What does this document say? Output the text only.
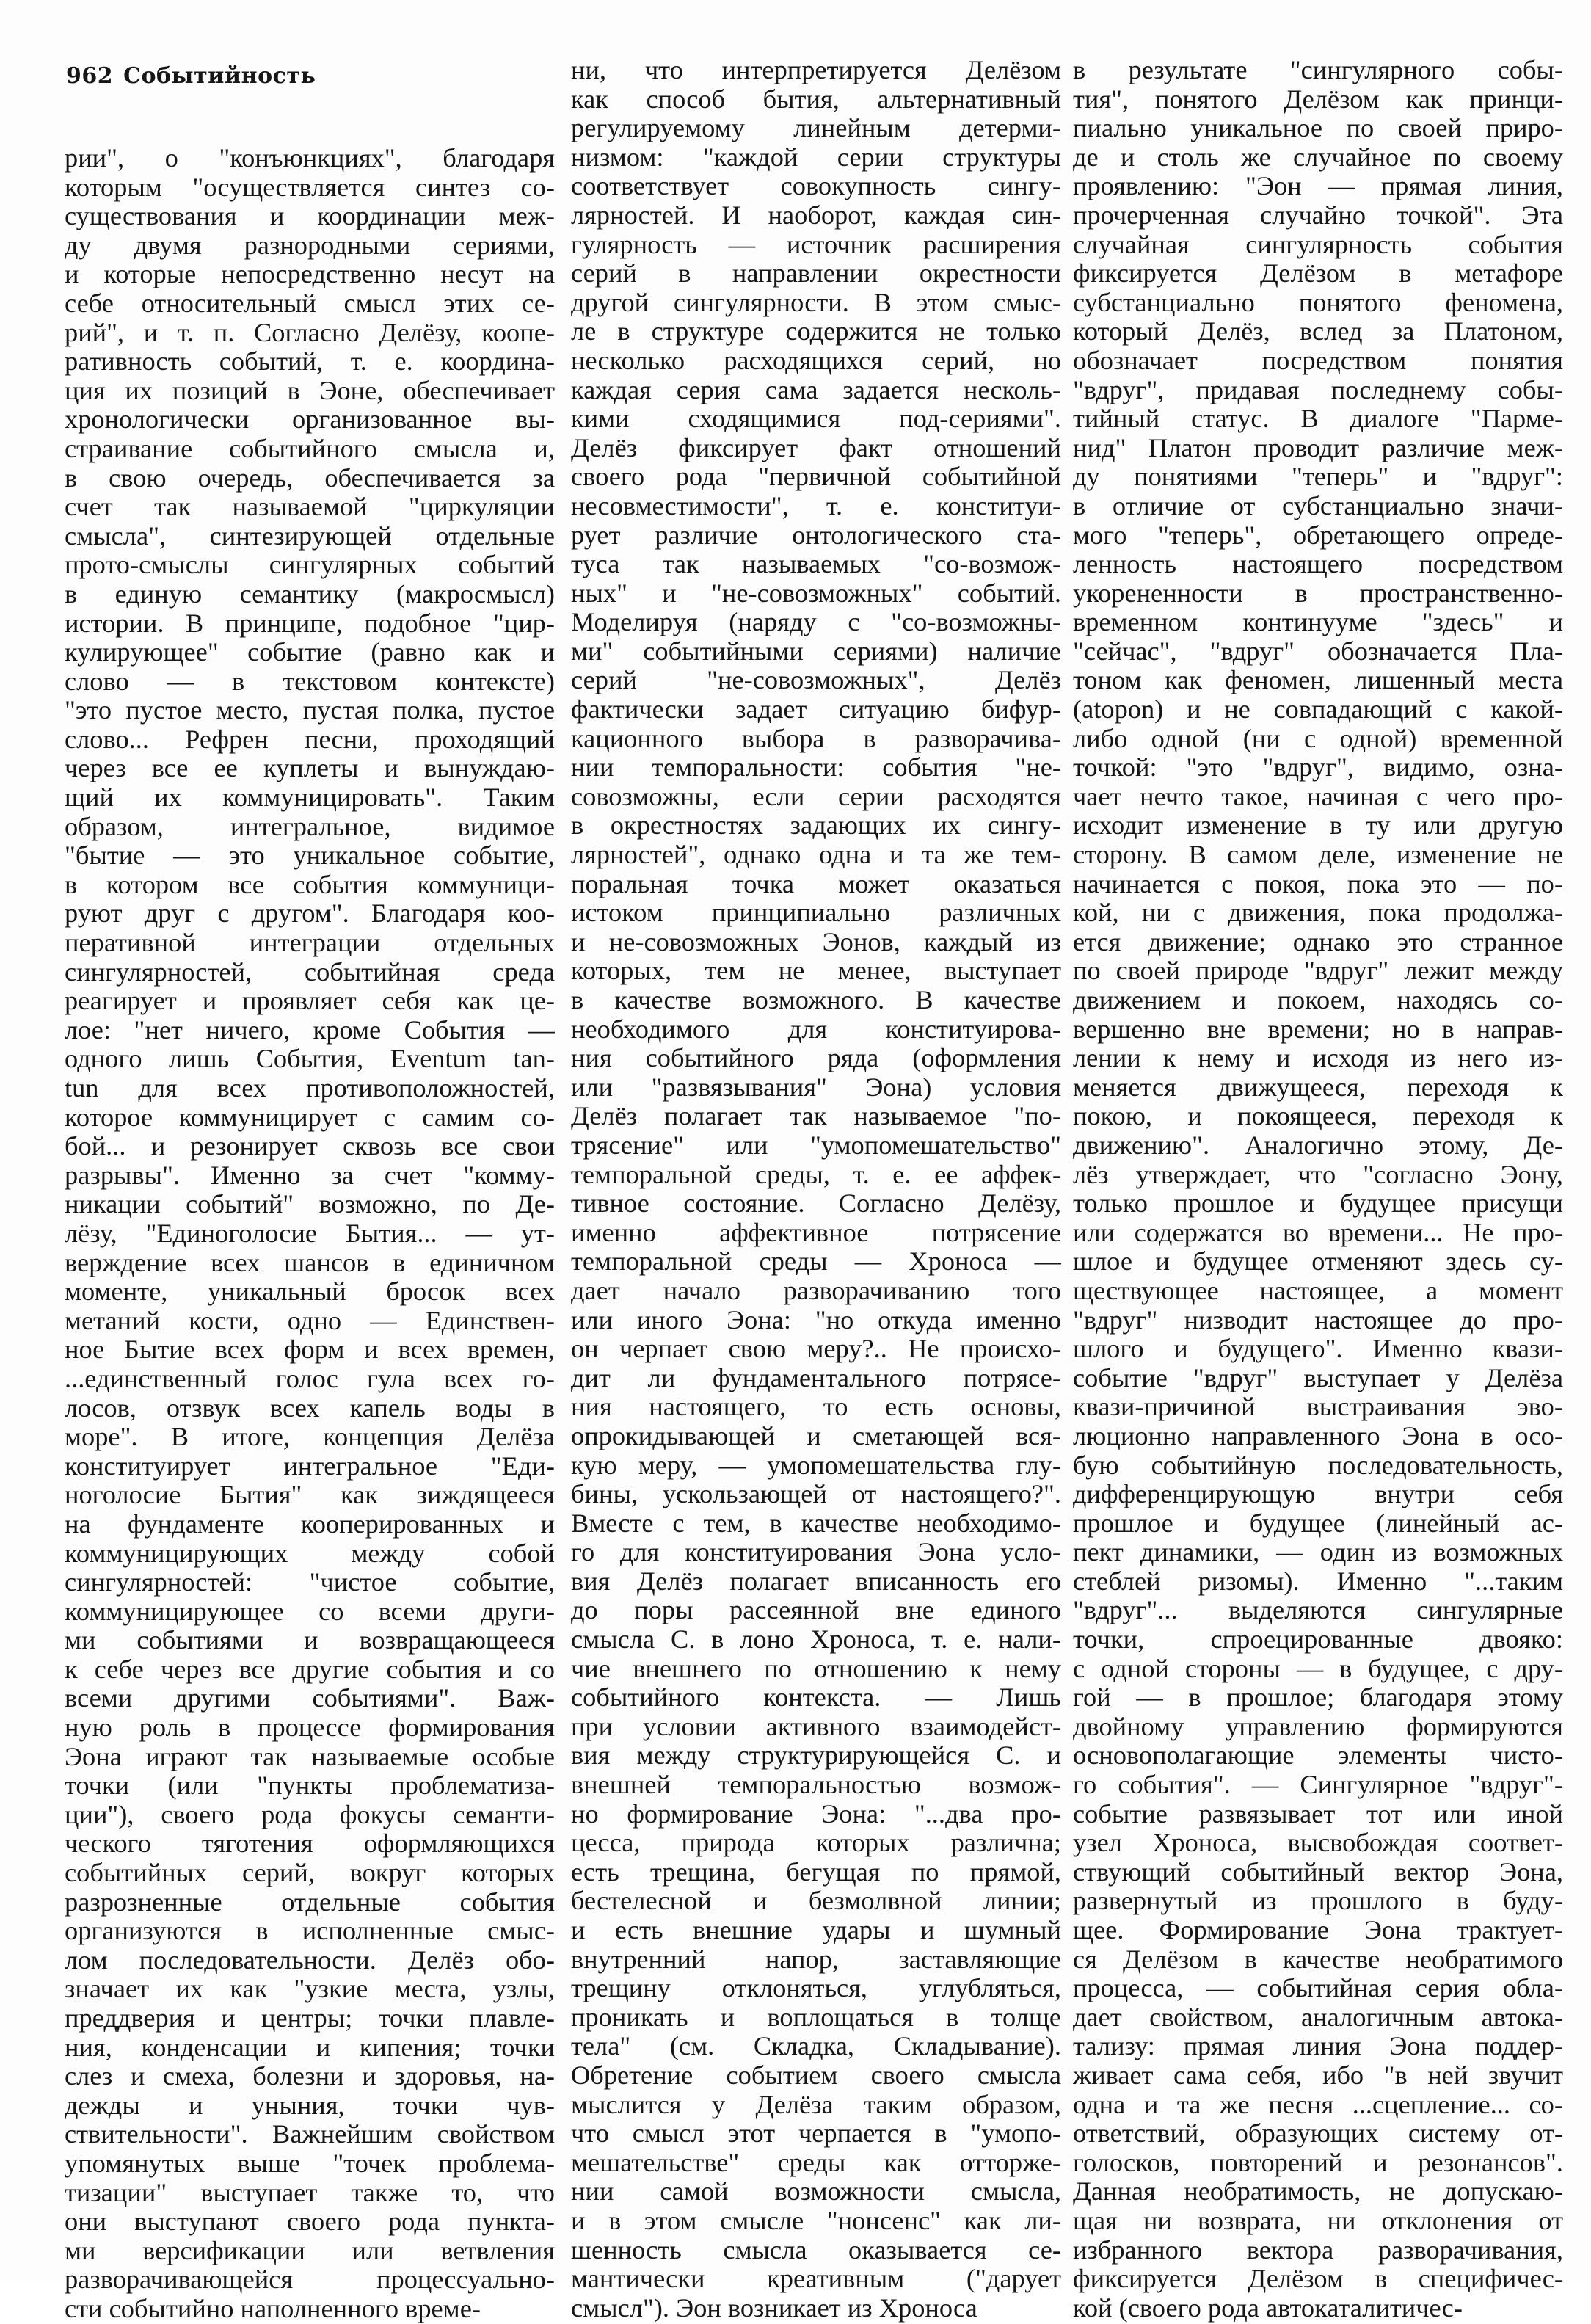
962 Событийность
рии", о "конъюнкциях", благодаря
которым "осуществляется синтез со-
существования и координации меж-
ду двумя разнородными сериями,
и которые непосредственно несут на
себе относительный смысл этих се-
рий", и т. п. Согласно Делёзу, коопе-
ративность событий, т. е. координа-
ция их позиций в Эоне, обеспечивает
хронологически организованное вы-
страивание событийного смысла и,
в свою очередь, обеспечивается за
счет так называемой "циркуляции
смысла", синтезирующей отдельные
прото-смыслы сингулярных событий
в единую семантику (макросмысл)
истории. В принципе, подобное "цир-
кулирующее" событие (равно как и
слово — в текстовом контексте)
"это пустое место, пустая полка, пустое
слово... Рефрен песни, проходящий
через все ее куплеты и вынуждаю-
щий их коммуницировать". Таким
образом, интегральное, видимое
"бытие — это уникальное событие,
в котором все события коммуници-
руют друг с другом". Благодаря коо-
перативной интеграции отдельных
сингулярностей, событийная среда
реагирует и проявляет себя как це-
лое: "нет ничего, кроме События —
одного лишь События, Eventum tan-
tun для всех противоположностей,
которое коммуницирует с самим со-
бой... и резонирует сквозь все свои
разрывы". Именно за счет "комму-
никации событий" возможно, по Де-
лёзу, "Единоголосие Бытия... — ут-
верждение всех шансов в единичном
моменте, уникальный бросок всех
метаний кости, одно — Единствен-
ное Бытие всех форм и всех времен,
...единственный голос гула всех го-
лосов, отзвук всех капель воды в
море". В итоге, концепция Делёза
конституирует интегральное "Еди-
ноголосие Бытия" как зиждящееся
на фундаменте кооперированных и
коммуницирующих между собой
сингулярностей: "чистое событие,
коммуницирующее со всеми други-
ми событиями и возвращающееся
к себе через все другие события и со
всеми другими событиями". Важ-
ную роль в процессе формирования
Эона играют так называемые особые
точки (или "пункты проблематиза-
ции"), своего рода фокусы семанти-
ческого тяготения оформляющихся
событийных серий, вокруг которых
разрозненные отдельные события
организуются в исполненные смыс-
лом последовательности. Делёз обо-
значает их как "узкие места, узлы,
преддверия и центры; точки плавле-
ния, конденсации и кипения; точки
слез и смеха, болезни и здоровья, на-
дежды и уныния, точки чув-
ствительности". Важнейшим свойством
упомянутых выше "точек проблема-
тизации" выступает также то, что
они выступают своего рода пункта-
ми версификации или ветвления
разворачивающейся процессуально-
сти событийно наполненного време-
ни, что интерпретируется Делёзом
как способ бытия, альтернативный
регулируемому линейным детерми-
низмом: "каждой серии структуры
соответствует совокупность сингу-
лярностей. И наоборот, каждая син-
гулярность — источник расширения
серий в направлении окрестности
другой сингулярности. В этом смыс-
ле в структуре содержится не только
несколько расходящихся серий, но
каждая серия сама задается несколь-
кими сходящимися под-сериями".
Делёз фиксирует факт отношений
своего рода "первичной событийной
несовместимости", т. е. конституи-
рует различие онтологического ста-
туса так называемых "со-возмож-
ных" и "не-совозможных" событий.
Моделируя (наряду с "со-возможны-
ми" событийными сериями) наличие
серий "не-совозможных", Делёз
фактически задает ситуацию бифур-
кационного выбора в разворачива-
нии темпоральности: события "не-
совозможны, если серии расходятся
в окрестностях задающих их сингу-
лярностей", однако одна и та же тем-
поральная точка может оказаться
истоком принципиально различных
и не-совозможных Эонов, каждый из
которых, тем не менее, выступает
в качестве возможного. В качестве
необходимого для конституирова-
ния событийного ряда (оформления
или "развязывания" Эона) условия
Делёз полагает так называемое "по-
трясение" или "умопомешательство"
темпоральной среды, т. е. ее аффек-
тивное состояние. Согласно Делёзу,
именно аффективное потрясение
темпоральной среды — Хроноса —
дает начало разворачиванию того
или иного Эона: "но откуда именно
он черпает свою меру?.. Не происхо-
дит ли фундаментального потрясе-
ния настоящего, то есть основы,
опрокидывающей и сметающей вся-
кую меру, — умопомешательства глу-
бины, ускользающей от настоящего?".
Вместе с тем, в качестве необходимо-
го для конституирования Эона усло-
вия Делёз полагает вписанность его
до поры рассеянной вне единого
смысла С. в лоно Хроноса, т. е. нали-
чие внешнего по отношению к нему
событийного контекста. — Лишь
при условии активного взаимодейст-
вия между структурирующейся С. и
внешней темпоральностью возмож-
но формирование Эона: "...два про-
цесса, природа которых различна;
есть трещина, бегущая по прямой,
бестелесной и безмолвной линии;
и есть внешние удары и шумный
внутренний напор, заставляющие
трещину отклоняться, углубляться,
проникать и воплощаться в толще
тела" (см. Складка, Складывание).
Обретение событием своего смысла
мыслится у Делёза таким образом,
что смысл этот черпается в "умопо-
мешательстве" среды как отторже-
нии самой возможности смысла,
и в этом смысле "нонсенс" как ли-
шенность смысла оказывается се-
мантически креативным ("дарует
смысл"). Эон возникает из Хроноса
в результате "сингулярного собы-
тия", понятого Делёзом как принци-
пиально уникальное по своей приро-
де и столь же случайное по своему
проявлению: "Эон — прямая линия,
прочерченная случайно точкой". Эта
случайная сингулярность события
фиксируется Делёзом в метафоре
субстанциально понятого феномена,
который Делёз, вслед за Платоном,
обозначает посредством понятия
"вдруг", придавая последнему собы-
тийный статус. В диалоге "Парме-
нид" Платон проводит различие меж-
ду понятиями "теперь" и "вдруг":
в отличие от субстанциально значи-
мого "теперь", обретающего опреде-
ленность настоящего посредством
укорененности в пространственно-
временном континууме "здесь" и
"сейчас", "вдруг" обозначается Пла-
тоном как феномен, лишенный места
(atopon) и не совпадающий с какой-
либо одной (ни с одной) временной
точкой: "это "вдруг", видимо, озна-
чает нечто такое, начиная с чего про-
исходит изменение в ту или другую
сторону. В самом деле, изменение не
начинается с покоя, пока это — по-
кой, ни с движения, пока продолжа-
ется движение; однако это странное
по своей природе "вдруг" лежит между
движением и покоем, находясь со-
вершенно вне времени; но в направ-
лении к нему и исходя из него из-
меняется движущееся, переходя к
покою, и покоящееся, переходя к
движению". Аналогично этому, Де-
лёз утверждает, что "согласно Эону,
только прошлое и будущее присущи
или содержатся во времени... Не про-
шлое и будущее отменяют здесь су-
ществующее настоящее, а момент
"вдруг" низводит настоящее до про-
шлого и будущего". Именно квази-
событие "вдруг" выступает у Делёза
квази-причиной выстраивания эво-
люционно направленного Эона в осо-
бую событийную последовательность,
дифференцирующую внутри себя
прошлое и будущее (линейный ас-
пект динамики, — один из возможных
стеблей ризомы). Именно "...таким
"вдруг"... выделяются сингулярные
точки, спроецированные двояко:
с одной стороны — в будущее, с дру-
гой — в прошлое; благодаря этому
двойному управлению формируются
основополагающие элементы чисто-
го события". — Сингулярное "вдруг"-
событие развязывает тот или иной
узел Хроноса, высвобождая соответ-
ствующий событийный вектор Эона,
развернутый из прошлого в буду-
щее. Формирование Эона трактует-
ся Делёзом в качестве необратимого
процесса, — событийная серия обла-
дает свойством, аналогичным автока-
тализу: прямая линия Эона поддер-
живает сама себя, ибо "в ней звучит
одна и та же песня ...сцепление... со-
ответствий, образующих систему от-
голосков, повторений и резонансов".
Данная необратимость, не допускаю-
щая ни возврата, ни отклонения от
избранного вектора разворачивания,
фиксируется Делёзом в специфичес-
кой (своего рода автокаталитичес-
